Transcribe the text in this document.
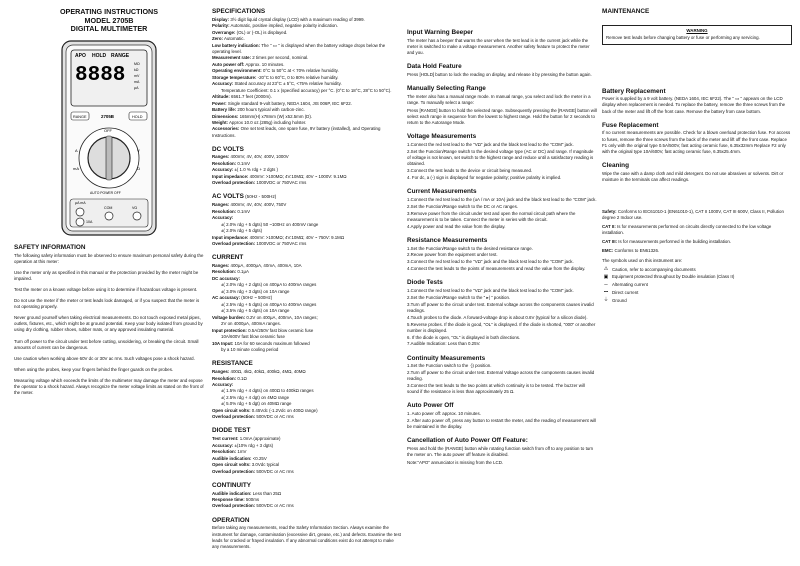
OPERATING INSTRUCTIONS
MODEL 2705B
DIGITAL MULTIMETER
APO HOLD RANGE
8888 MΩ
kΩ
mV
mA
μA
RANGE	2705B	HOLD
OFF
V
Ω
mA
A
AUTO POWER OFF
μA mA
10A
COM	VΩ
SAFETY INFORMATION

The following safety information must be observed to ensure maximum personal safety during the operation at this meter:

Use the meter only as specified in this manual or the protection provided by the meter might be impaired.

Test the meter on a known voltage before using it to determine if hazardous voltage is present.

Do not use the meter if the meter or test leads look damaged, or if you suspect that the meter is not operating properly.

Never ground yourself when taking electrical measurements. Do not touch exposed metal pipes, outlets, fixtures, etc., which might be at ground potential. Keep your body isolated from ground by using dry clothing, rubber shoes, rubber mats, or any approved insulating material.

Turn off power to the circuit under test before cutting, unsoldering, or breaking the circuit. Small amounts of current can be dangerous.

Use caution when working above 60V dc or 30V ac rms. Such voltages pose a shock hazard.

When using the probes, keep your fingers behind the finger guards on the probes.

Measuring voltage which exceeds the limits of the multimeter may damage the meter and expose the operator to a shock hazard. Always recognize the meter voltage limits as stated on the front of the meter.

SPECIFICATIONS

Display: 3½ digit liquid crystal display (LCD) with a maximum reading of 3999.

Polarity: Automatic, positive implied, negative polarity indication.

Overrange: (OL) or (-OL) is displayed.

Zero: Automatic.

Low battery indication: The " ▭ " is displayed when the battery voltage drops below the operating level.

Measurement rate: 2 times per second, nominal.

Auto power off: Approx. 10 minutes.

Operating environment: 0°C to 50°C at < 70% relative humidity.

Storage temperature: -20°C to 60°C, 0 to 80% relative humidity.

Accuracy: Stated accuracy at 23°C ± 5°C, <75% relative humidity.

Temperature Coefficient: 0.1 x (specified accuracy) per °C. (0°C to 18°C, 28°C to 50°C).

Altitude: 6561.7 feet (2000m).

Power: Single standard 9-volt battery, NEDA 1604, JIS 006P, IEC 6F22.

Battery life: 200 hours typical with carbon-zinc.

Dimensions: 165mm(H) x78mm (W) x52.5mm (D).

Weight: Approx 10.0 oz.(285g) including holster.

Accessories: One set test leads, one spare fuse, 9V battery (installed), and Operating Instructions.

DC VOLTS

Ranges: 400mV, 4V, 40V, 400V, 1000V

Resolution: 0.1mV

Accuracy: ±( 1.0 % rdg + 2 dgts )

Input impedance: 400mV: >100MΩ; 4V:10MΩ; 40V ~ 1000V: 9.1MΩ

Overload protection: 1000VDC or 750VAC rms

AC VOLTS (50Hz - 500Hz)

Ranges: 400mV, 4V, 40V, 400V, 750V

Resolution: 0.1mV

Accuracy:

±( 2.0% rdg + 5 dgts) 50 ~100Hz on 400mV range

±( 2.0% rdg + 5 dgts)

Input impedance: 400mV: >100MΩ; 4V:10MΩ; 40V ~ 750V: 9.1MΩ

Overload protection: 1000VDC or 750VAC rms

CURRENT

Ranges: 400μA, 4000μA, 40mA, 400mA, 10A

Resolution: 0.1μA

DC accuracy:

±( 2.0% rdg + 2 dgts) on 400μA to 400mA ranges

±( 3.0% rdg + 3 dgts) on 10A range

AC accuracy: (50Hz ~ 500Hz)

±( 2.5% rdg + 5 dgts) on 400μA to 400mA ranges

±( 3.5% rdg + 5 dgts) on 10A range

Voltage burden: 0.2V on 400μA, 400mA, 10A ranges;

2V on 4000μA, 400mA ranges.

Input protection: 0.5A/250V fast blow ceramic fuse

10A/600V fast blow ceramic fuse

10A Input: 10A for 60 seconds maximum followed

by a 10 minute cooling period

RESISTANCE

Ranges: 400Ω, 4kΩ, 40kΩ, 400kΩ, 4MΩ, 40MΩ

Resolution: 0.1Ω

Accuracy:

±( 1.5% rdg + 4 dgts) on 400Ω to 400kΩ ranges

±( 2.5% rdg + 4 dgt) on 4MΩ range

±( 5.0% rdg + 5 dgt) on 40MΩ range

Open circuit volts: 0.45Vdc (-1.2Vdc on 400Ω range)

Overload protection: 500VDC or AC rms

DIODE TEST

Test current: 1.0mA (approximate)

Accuracy: ±(10% rdg + 3 dgts)

Resolution: 1mV

Audible indication: <0.25V

Open circuit volts: 3.0Vdc typical

Overload protection: 500VDC or AC rms

CONTINUITY

Audible indication: Less than 25Ω

Response time: 500ms

Overload protection: 500VDC or AC rms

OPERATION

Before taking any measurements, read the Safety Information Section. Always examine the instrument for damage, contamination (excessive dirt, grease, etc.) and defects. Examine the test leads for cracked or frayed insulation. If any abnormal conditions exist do not attempt to make any measurements.

Input Warning Beeper

The meter has a beeper that warns the user when the test lead is in the current jack while the meter is switched to make a voltage measurement. Another safety feature to protect the meter and you.

Data Hold Feature

Press [HOLD] button to lock the reading on display, and release it by pressing the button again.

Manually Selecting Range

The meter also has a manual range mode. In manual range, you select and lock the meter in a range. To manually select a range:

Press [RANGE] button to hold the selected range. Subsequently pressing the [RANGE] button will select each range in sequence from the lowest to highest range. Hold the button for 2 seconds to return to the Autorange Mode.

Voltage Measurements
1.Connect the red test lead to the "VΩ" jack and the black test lead to the "COM" jack.
2.Set the Function/Range switch to the desired voltage type (AC or DC) and range. If magnitude of voltage is not known, set switch to the highest range and reduce until a satisfactory reading is obtained.
3.Connect the test leads to the device or circuit being measured.
4. For dc, a (-) sign is displayed for negative polarity; positive polarity is implied.
Current Measurements
1.Connect the red test lead to the (uA / mA or 10A) jack and the black test lead to the "COM" jack.
2.Set the Function/Range switch to the DC or AC ranges.
3.Remove power from the circuit under test and open the normal circuit path where the measurement is to be taken. Connect the meter in series with the circuit.
4.Apply power and read the value from the display.
Resistance Measurements
1.Set the Function/Range switch to the desired resistance range.
2.Reove power from the equipment under test.
3.Connect the red test lead to the "VΩ" jack and the black test lead to the "COM" jack.
4.Connect the test leads to the points of measurements and read the value from the display.
Diode Tests
1.Connect the red test lead to the "VΩ" jack and the black test lead to the "COM" jack.
2.Set the Function/Range switch to the " ▸| " position.
3.Turn off power to the circuit under test. External voltage across the components causes invalid readings.
4.Touch probes to the diode. A forward-voltage drop is about 0.6V (typical for a silicon diode).
5.Reverse probes. If the diode is good, "OL" is displayed. If the diode is shorted, "000" or another number is displayed.
6. If the diode is open, "OL" is displayed in both directions.
7.Audible Indication: Less than 0.25V.
Continuity Measurements
1.Set the Function switch to the ·)) position.
2.Turn off power to the circuit under test. External Voltage across the components causes invalid reading.
3.Connect the test leads to the two points at which continuity is to be tested. The buzzer will sound if the resistance is less than approximately 25 Ω.
Auto Power Off
1. Auto power off: approx. 10 minutes.
2. After auto power off, press any button to restart the meter, and the reading of measurement will be maintained in the display.
Cancellation of Auto Power Off Feature:

Press and hold the (RANGE) button while rotating function switch from off to any position to turn the meter on. The auto power off feature is disabled.

Note:"APO" annunciator is missing from the LCD.

MAINTENANCE
WARNING
Remove test leads before changing battery or fuse or performing any servicing.
Battery Replacement

Power is supplied by a 9 volt battery. (NEDA 1604, IEC 6F22). The " ▭ " appears on the LCD display when replacement is needed. To replace the battery, remove the three screws from the back of the meter and lift off the front case. Remove the battery from case bottom.

Fuse Replacement

If no current measurements are possible. Check for a blown overload protection fuse. For access to fuses, remove the three screws from the back of the meter and lift off the front case. Replace F1 only with the original type 0.5A/500V, fast acting ceramic fuse, 6.35x32mm Replace F2 only with the original type 10A/600V, fast acting ceramic fuse, 6.35x25.4mm.

Cleaning

Wipe the case with a damp cloth and mild detergent. Do not use abrasives or solvents. Dirt or moisture in the terminals can affect readings.

Safety: Conforms to IEC61010-1 (EN61010-1), CAT II 1000V, CAT III 600V, Class II, Pollution degree 2 Indoor use.

CAT II: Is for measurements performed on circuits directly connected to the low voltage installation.

CAT III: Is for measurements performed in the building installation.

EMC: Conforms to EN61326.

The symbols used on this instrument are:

⚠ Caution, refer to accompanying documents
▣ Equipment protected throughout by Double insulation (Class II)
∼ Alternating current
⎓ Direct current
⏚ Ground
